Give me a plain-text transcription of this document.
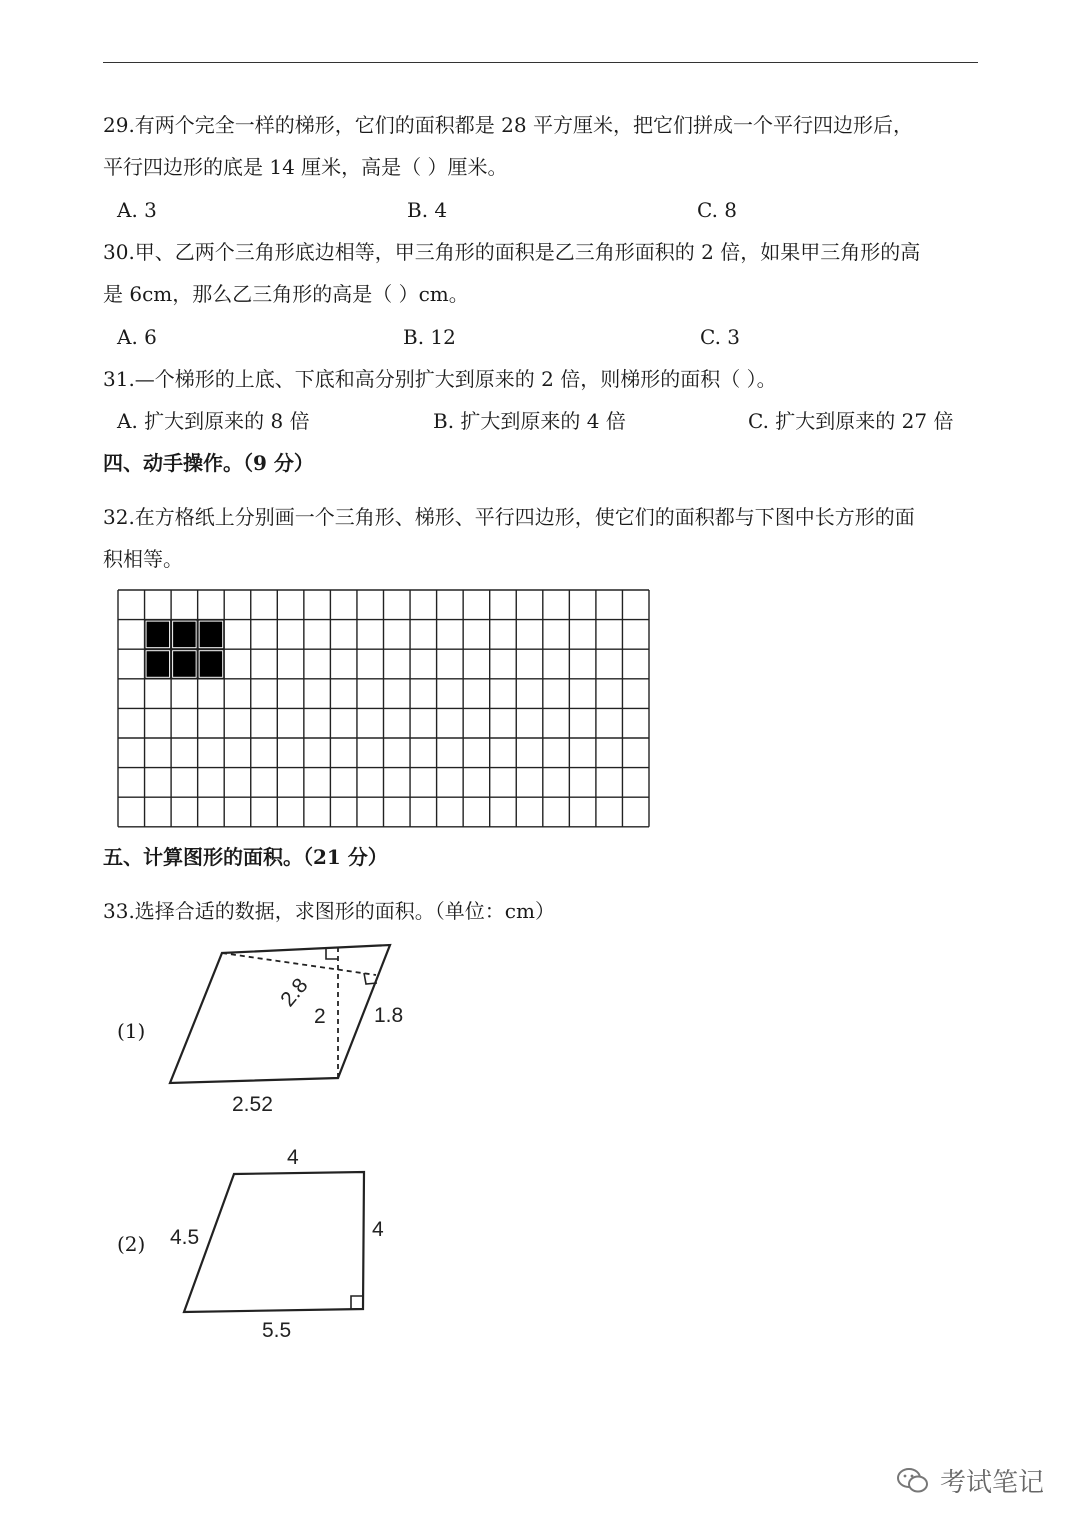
29.有两个完全一样的梯形，它们的面积都是 28 平方厘米，把它们拼成一个平行四边形后，
平行四边形的底是 14 厘米，高是（ ）厘米。
A. 3	B. 4	C. 8
30.甲、乙两个三角形底边相等，甲三角形的面积是乙三角形面积的 2 倍，如果甲三角形的高
是 6cm，那么乙三角形的高是（ ）cm。
A. 6	B. 12	C. 3
31.—个梯形的上底、下底和高分别扩大到原来的 2 倍，则梯形的面积（ ）。
A. 扩大到原来的 8 倍	B. 扩大到原来的 4 倍	C. 扩大到原来的 27 倍
四、动手操作。（9 分）
32.在方格纸上分别画一个三角形、梯形、平行四边形，使它们的面积都与下图中长方形的面
积相等。
五、计算图形的面积。（21 分）
33.选择合适的数据，求图形的面积。（单位：cm）
(1)
2.8
2 1.8
2.52
(2)
4
4.5	4
5.5
考试笔记
